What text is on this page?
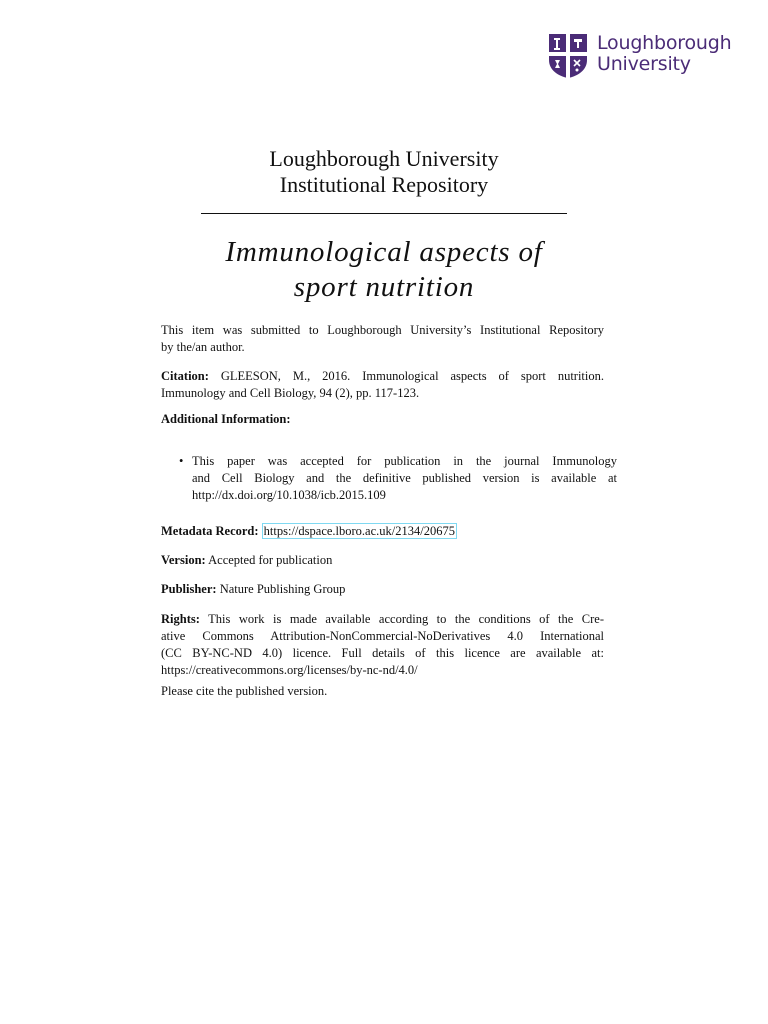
Loughborough
University
Loughborough University
Institutional Repository
Immunological aspects of
sport nutrition

This item was submitted to Loughborough University’s Institutional Repository

by the/an author.

Citation: GLEESON, M., 2016. Immunological aspects of sport nutrition.

Immunology and Cell Biology, 94 (2), pp. 117-123.

Additional Information:

• This paper was accepted for publication in the journal Immunology

and Cell Biology and the definitive published version is available at

http://dx.doi.org/10.1038/icb.2015.109

Metadata Record: https://dspace.lboro.ac.uk/2134/20675

Version: Accepted for publication

Publisher: Nature Publishing Group

Rights: This work is made available according to the conditions of the Cre-

ative Commons Attribution-NonCommercial-NoDerivatives 4.0 International

(CC BY-NC-ND 4.0) licence. Full details of this licence are available at:

https://creativecommons.org/licenses/by-nc-nd/4.0/

Please cite the published version.
